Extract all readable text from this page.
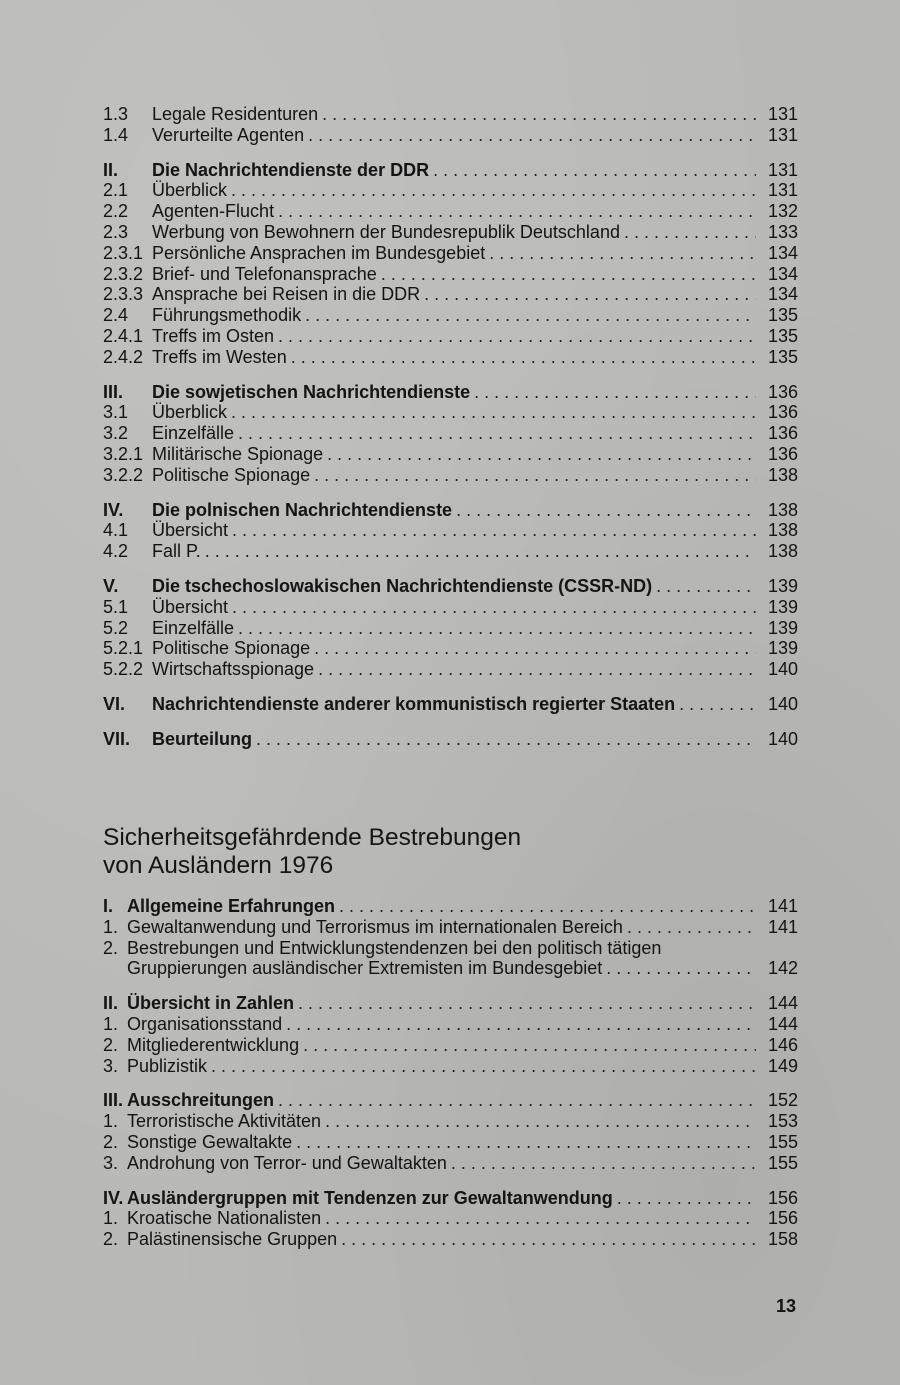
1.3	Legale Residenturen . . .	131
1.4	Verurteilte Agenten . . .	131
II.	Die Nachrichtendienste der DDR . . .	131
2.1	Überblick . . .	131
2.2	Agenten-Flucht . . .	132
2.3	Werbung von Bewohnern der Bundesrepublik Deutschland . . .	133
2.3.1 Persönliche Ansprachen im Bundesgebiet . . .	134
2.3.2 Brief- und Telefonansprache . . .	134
2.3.3 Ansprache bei Reisen in die DDR . . .	134
2.4	Führungsmethodik . . .	135
2.4.1 Treffs im Osten . . .	135
2.4.2 Treffs im Westen . . .	135
III.	Die sowjetischen Nachrichtendienste . . .	136
3.1	Überblick . . .	136
3.2	Einzelfälle . . .	136
3.2.1 Militärische Spionage . . .	136
3.2.2 Politische Spionage . . .	138
IV.	Die polnischen Nachrichtendienste . . .	138
4.1	Übersicht . . .	138
4.2	Fall P. . . .	138
V.	Die tschechoslowakischen Nachrichtendienste (CSSR-ND) . . .	139
5.1	Übersicht . . .	139
5.2	Einzelfälle . . .	139
5.2.1 Politische Spionage . . .	139
5.2.2 Wirtschaftsspionage . . .	140
VI.	Nachrichtendienste anderer kommunistisch regierter Staaten . . .	140
VII.	Beurteilung . . .	140
Sicherheitsgefährdende Bestrebungen
von Ausländern 1976
I. Allgemeine Erfahrungen . . .	141
1. Gewaltanwendung und Terrorismus im internationalen Bereich . . .	141
2. Bestrebungen und Entwicklungstendenzen bei den politisch tätigen
Gruppierungen ausländischer Extremisten im Bundesgebiet . . .	142
II. Übersicht in Zahlen . . .	144
1. Organisationsstand . . .	144
2. Mitgliederentwicklung . . .	146
3. Publizistik . . .	149
III. Ausschreitungen . . .	152
1. Terroristische Aktivitäten . . .	153
2. Sonstige Gewaltakte . . .	155
3. Androhung von Terror- und Gewaltakten . . .	155
IV. Ausländergruppen mit Tendenzen zur Gewaltanwendung . . .	156
1. Kroatische Nationalisten . . .	156
2. Palästinensische Gruppen . . .	158
13
